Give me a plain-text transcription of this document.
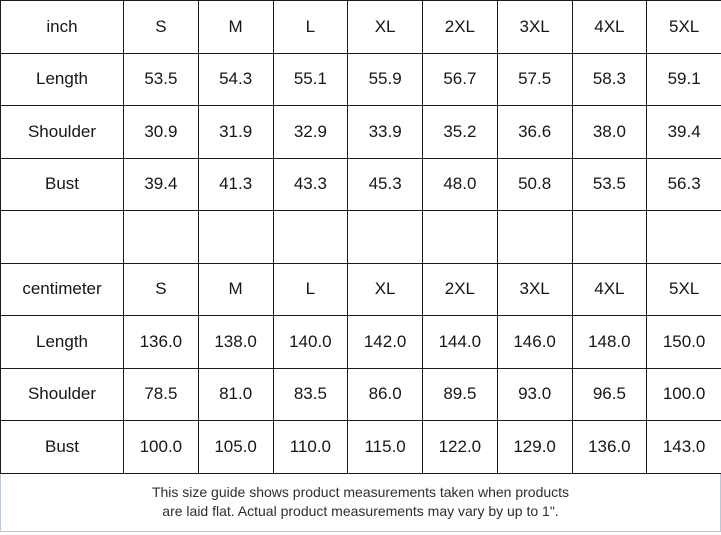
inch	S	M	L	XL	2XL	3XL	4XL	5XL
Length	53.5	54.3	55.1	55.9	56.7	57.5	58.3	59.1
Shoulder	30.9	31.9	32.9	33.9	35.2	36.6	38.0	39.4
Bust	39.4	41.3	43.3	45.3	48.0	50.8	53.5	56.3

centimeter	S	M	L	XL	2XL	3XL	4XL	5XL
Length	136.0	138.0	140.0	142.0	144.0	146.0	148.0	150.0
Shoulder	78.5	81.0	83.5	86.0	89.5	93.0	96.5	100.0
Bust	100.0	105.0	110.0	115.0	122.0	129.0	136.0	143.0
This size guide shows product measurements taken when products
are laid flat. Actual product measurements may vary by up to 1".
